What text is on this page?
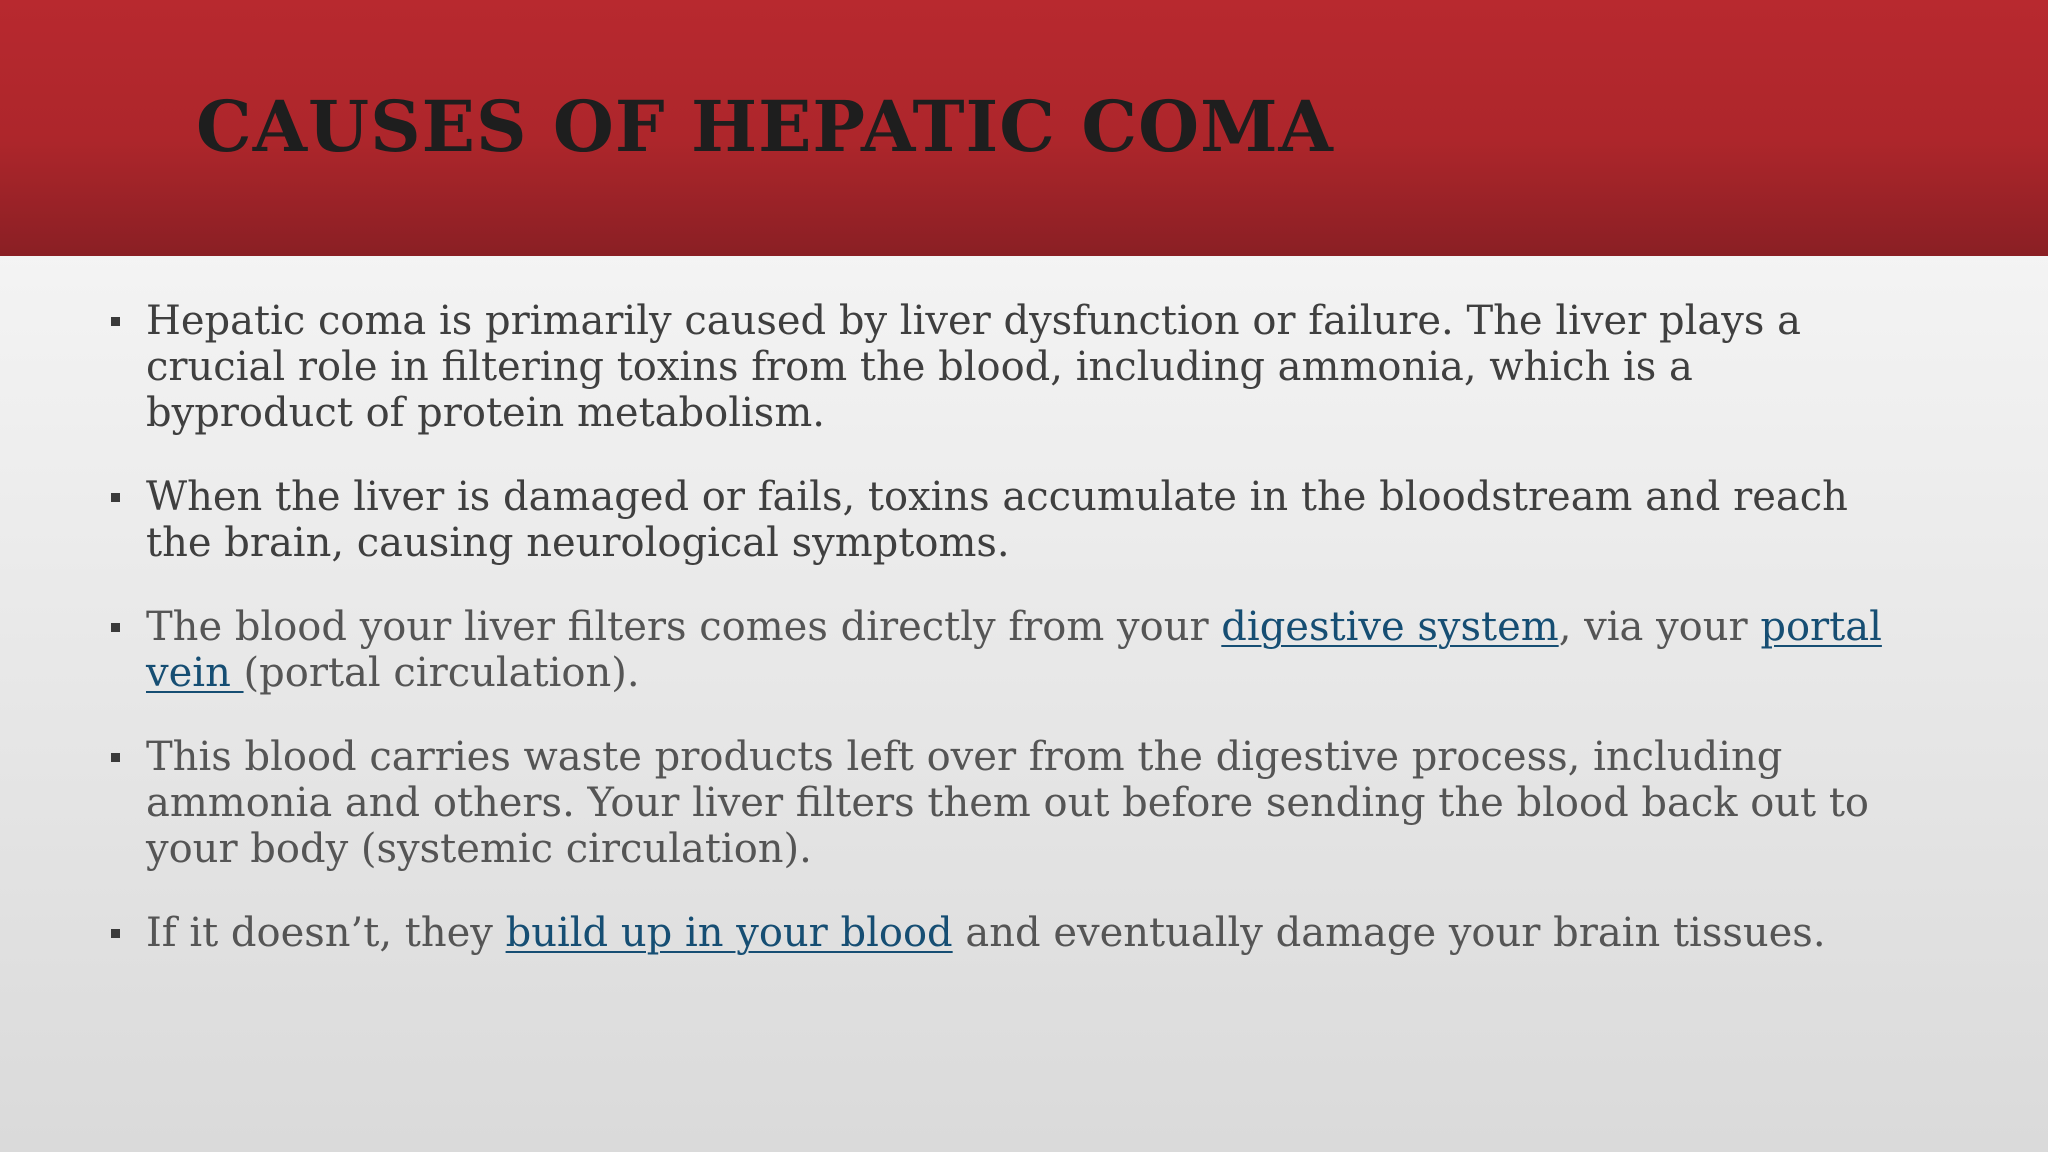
CAUSES OF HEPATIC COMA
Hepatic coma is primarily caused by liver dysfunction or failure. The liver plays a crucial role in filtering toxins from the blood, including ammonia, which is a byproduct of protein metabolism.
When the liver is damaged or fails, toxins accumulate in the bloodstream and reach the brain, causing neurological symptoms.
The blood your liver filters comes directly from your digestive system, via your portal vein (portal circulation).
This blood carries waste products left over from the digestive process, including ammonia and others. Your liver filters them out before sending the blood back out to your body (systemic circulation).
If it doesn’t, they build up in your blood and eventually damage your brain tissues.
